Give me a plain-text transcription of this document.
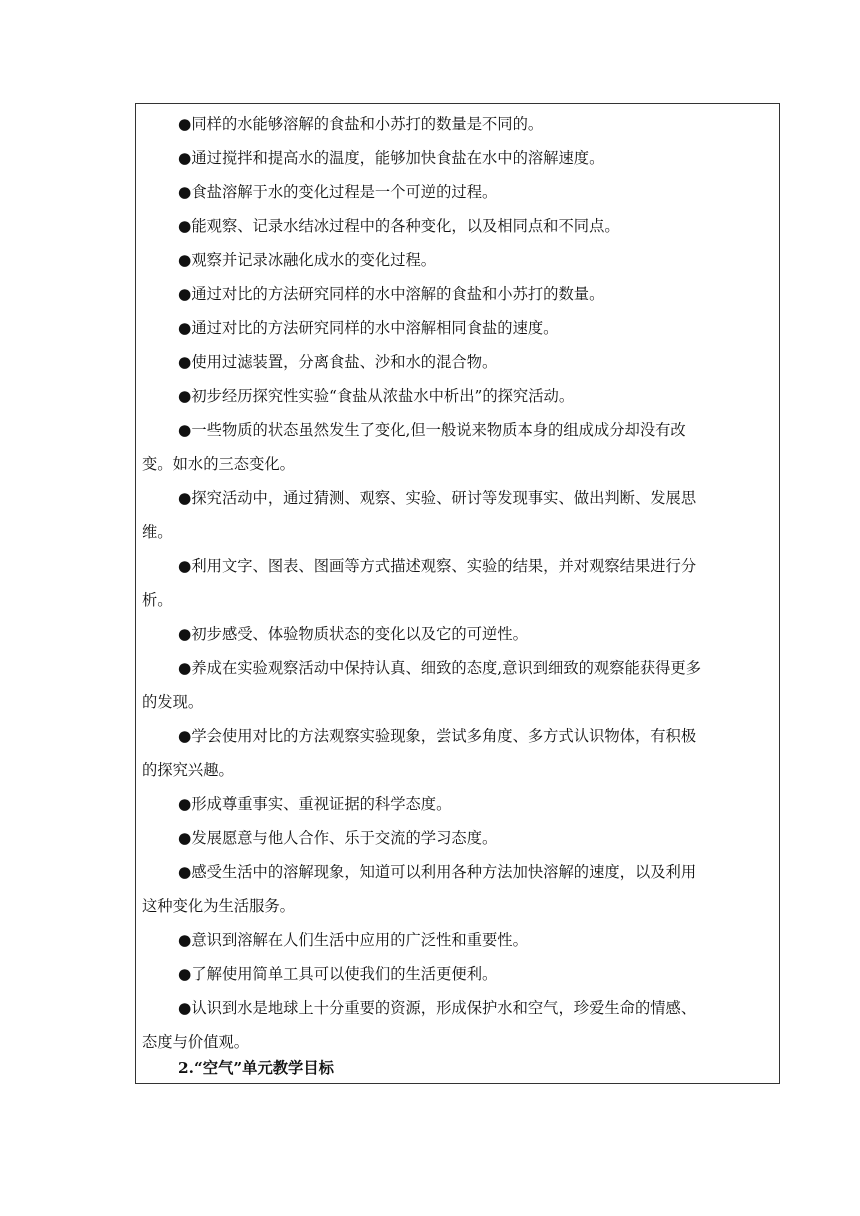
●同样的水能够溶解的食盐和小苏打的数量是不同的。
●通过搅拌和提高水的温度，能够加快食盐在水中的溶解速度。
●食盐溶解于水的变化过程是一个可逆的过程。
●能观察、记录水结冰过程中的各种变化，以及相同点和不同点。
●观察并记录冰融化成水的变化过程。
●通过对比的方法研究同样的水中溶解的食盐和小苏打的数量。
●通过对比的方法研究同样的水中溶解相同食盐的速度。
●使用过滤装置，分离食盐、沙和水的混合物。
●初步经历探究性实验“食盐从浓盐水中析出”的探究活动。
●一些物质的状态虽然发生了变化,但一般说来物质本身的组成成分却没有改
变。如水的三态变化。
●探究活动中，通过猜测、观察、实验、研讨等发现事实、做出判断、发展思
维。
●利用文字、图表、图画等方式描述观察、实验的结果，并对观察结果进行分
析。
●初步感受、体验物质状态的变化以及它的可逆性。
●养成在实验观察活动中保持认真、细致的态度,意识到细致的观察能获得更多
的发现。
●学会使用对比的方法观察实验现象，尝试多角度、多方式认识物体，有积极
的探究兴趣。
●形成尊重事实、重视证据的科学态度。
●发展愿意与他人合作、乐于交流的学习态度。
●感受生活中的溶解现象，知道可以利用各种方法加快溶解的速度，以及利用
这种变化为生活服务。
●意识到溶解在人们生活中应用的广泛性和重要性。
●了解使用简单工具可以使我们的生活更便利。
●认识到水是地球上十分重要的资源，形成保护水和空气，珍爱生命的情感、
态度与价值观。
2.“空气”单元教学目标
